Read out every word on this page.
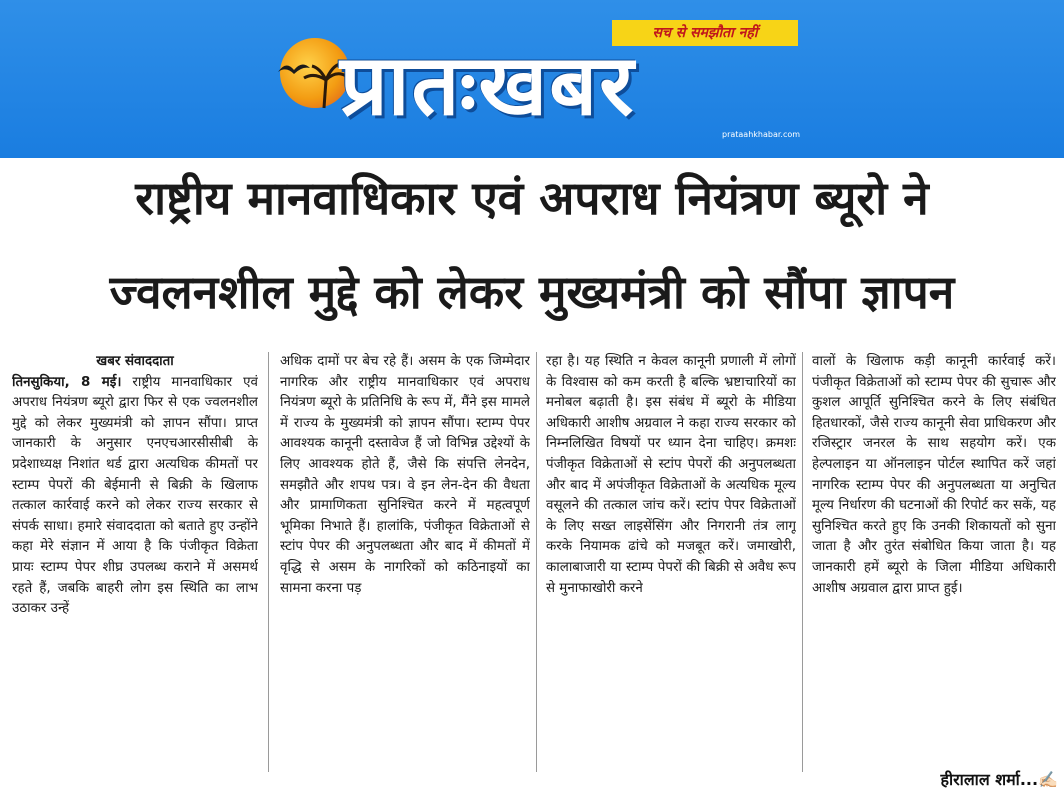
सच से समझौता नहीं
प्रातःखबर
prataahkhabar.com
राष्ट्रीय मानवाधिकार एवं अपराध नियंत्रण ब्यूरो ने
ज्वलनशील मुद्दे को लेकर मुख्यमंत्री को सौंपा ज्ञापन
खबर संवाददाता
तिनसुकिया, 8 मई। राष्ट्रीय मानवाधिकार एवं अपराध नियंत्रण ब्यूरो द्वारा फिर से एक ज्वलनशील मुद्दे को लेकर मुख्यमंत्री को ज्ञापन सौंपा। प्राप्त जानकारी के अनुसार एनएचआरसीसीबी के प्रदेशाध्यक्ष निशांत थर्ड द्वारा अत्यधिक कीमतों पर स्टाम्प पेपरों की बेईमानी से बिक्री के खिलाफ तत्काल कार्रवाई करने को लेकर राज्य सरकार से संपर्क साधा। हमारे संवाददाता को बताते हुए उन्होंने कहा मेरे संज्ञान में आया है कि पंजीकृत विक्रेता प्रायः स्टाम्प पेपर शीघ्र उपलब्ध कराने में असमर्थ रहते हैं, जबकि बाहरी लोग इस स्थिति का लाभ उठाकर उन्हें
अधिक दामों पर बेच रहे हैं। असम के एक जिम्मेदार नागरिक और राष्ट्रीय मानवाधिकार एवं अपराध नियंत्रण ब्यूरो के प्रतिनिधि के रूप में, मैंने इस मामले में राज्य के मुख्यमंत्री को ज्ञापन सौंपा। स्टाम्प पेपर आवश्यक कानूनी दस्तावेज हैं जो विभिन्न उद्देश्यों के लिए आवश्यक होते हैं, जैसे कि संपत्ति लेनदेन, समझौते और शपथ पत्र। वे इन लेन-देन की वैधता और प्रामाणिकता सुनिश्चित करने में महत्वपूर्ण भूमिका निभाते हैं। हालांकि, पंजीकृत विक्रेताओं से स्टांप पेपर की अनुपलब्धता और बाद में कीमतों में वृद्धि से असम के नागरिकों को कठिनाइयों का सामना करना पड़
रहा है। यह स्थिति न केवल कानूनी प्रणाली में लोगों के विश्वास को कम करती है बल्कि भ्रष्टाचारियों का मनोबल बढ़ाती है। इस संबंध में ब्यूरो के मीडिया अधिकारी आशीष अग्रवाल ने कहा राज्य सरकार को निम्नलिखित विषयों पर ध्यान देना चाहिए। क्रमशः पंजीकृत विक्रेताओं से स्टांप पेपरों की अनुपलब्धता और बाद में अपंजीकृत विक्रेताओं के अत्यधिक मूल्य वसूलने की तत्काल जांच करें। स्टांप पेपर विक्रेताओं के लिए सख्त लाइसेंसिंग और निगरानी तंत्र लागू करके नियामक ढांचे को मजबूत करें। जमाखोरी, कालाबाजारी या स्टाम्प पेपरों की बिक्री से अवैध रूप से मुनाफाखोरी करने
वालों के खिलाफ कड़ी कानूनी कार्रवाई करें। पंजीकृत विक्रेताओं को स्टाम्प पेपर की सुचारू और कुशल आपूर्ति सुनिश्चित करने के लिए संबंधित हितधारकों, जैसे राज्य कानूनी सेवा प्राधिकरण और रजिस्ट्रार जनरल के साथ सहयोग करें। एक हेल्पलाइन या ऑनलाइन पोर्टल स्थापित करें जहां नागरिक स्टाम्प पेपर की अनुपलब्धता या अनुचित मूल्य निर्धारण की घटनाओं की रिपोर्ट कर सकें, यह सुनिश्चित करते हुए कि उनकी शिकायतों को सुना जाता है और तुरंत संबोधित किया जाता है। यह जानकारी हमें ब्यूरो के जिला मीडिया अधिकारी आशीष अग्रवाल द्वारा प्राप्त हुई।
हीरालाल शर्मा...✍🏻
